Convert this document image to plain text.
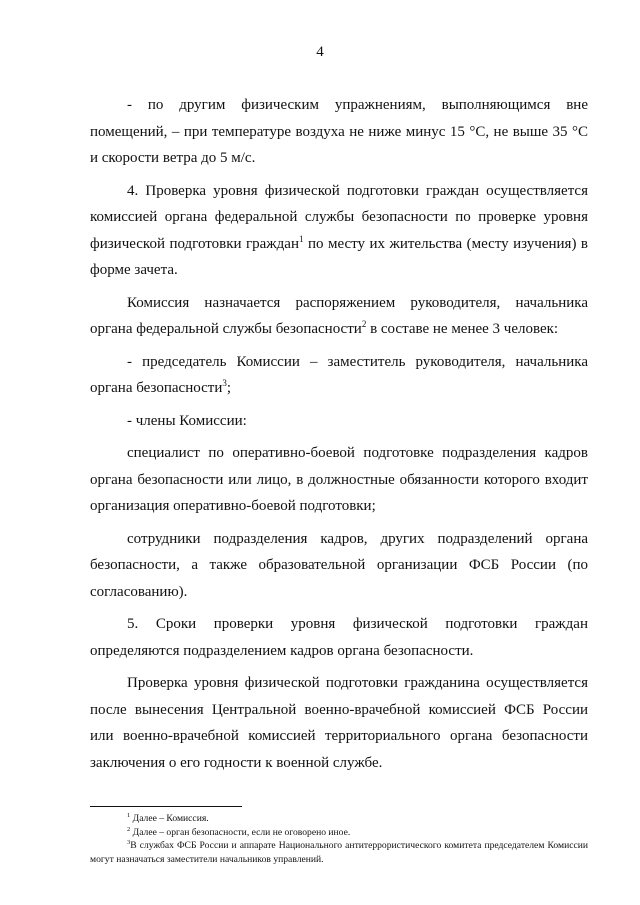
4

- по другим физическим упражнениям, выполняющимся вне помещений, – при температуре воздуха не ниже минус 15 °С, не выше 35 °С и скорости ветра до 5 м/с.

4. Проверка уровня физической подготовки граждан осуществляется комиссией органа федеральной службы безопасности по проверке уровня физической подготовки граждан$^1$ по месту их жительства (месту изучения) в форме зачета.

Комиссия назначается распоряжением руководителя, начальника органа федеральной службы безопасности$^2$ в составе не менее 3 человек:

- председатель Комиссии – заместитель руководителя, начальника органа безопасности$^3$;

- члены Комиссии:

специалист по оперативно-боевой подготовке подразделения кадров органа безопасности или лицо, в должностные обязанности которого входит организация оперативно-боевой подготовки;

сотрудники подразделения кадров, других подразделений органа безопасности, а также образовательной организации ФСБ России (по согласованию).

5. Сроки проверки уровня физической подготовки граждан определяются подразделением кадров органа безопасности.

Проверка уровня физической подготовки гражданина осуществляется после вынесения Центральной военно-врачебной комиссией ФСБ России или военно-врачебной комиссией территориального органа безопасности заключения о его годности к военной службе.

$^1$ Далее – Комиссия.

$^2$ Далее – орган безопасности, если не оговорено иное.

$^3$В службах ФСБ России и аппарате Национального антитеррористического комитета председателем Комиссии могут назначаться заместители начальников управлений.
